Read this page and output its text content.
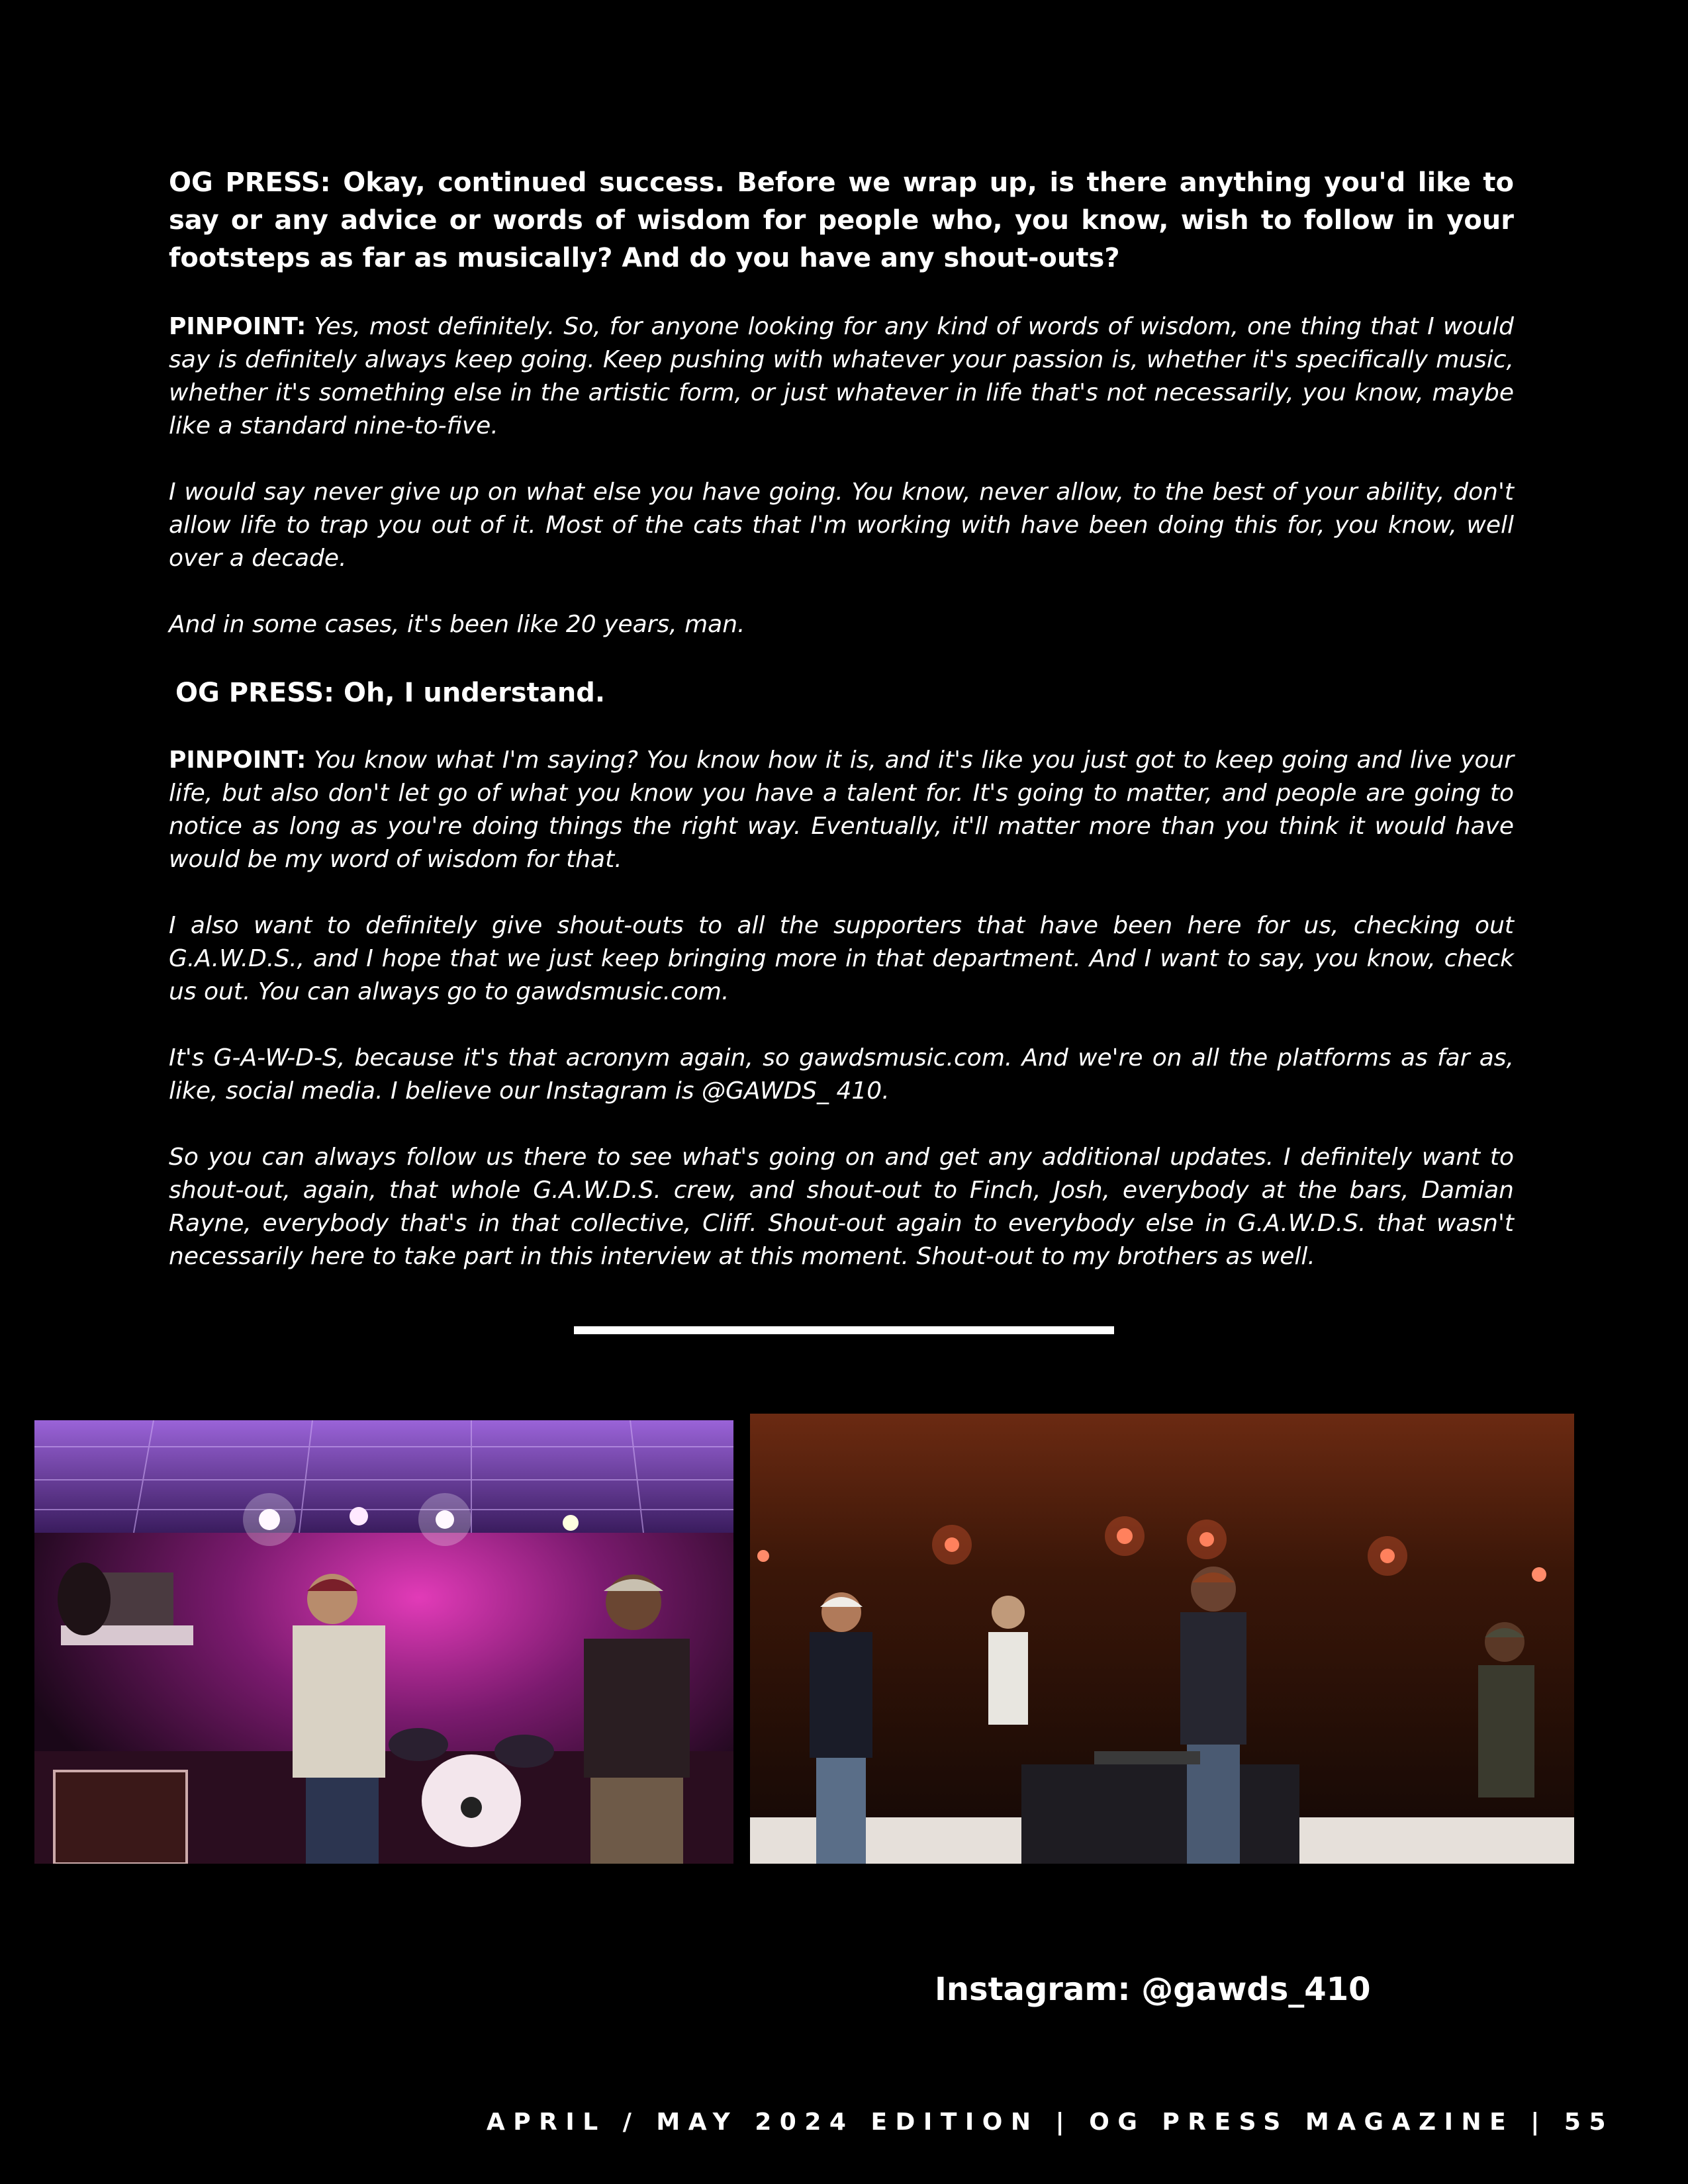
OG PRESS: Okay, continued success. Before we wrap up, is there anything you'd like to say or any advice or words of wisdom for people who, you know, wish to follow in your footsteps as far as musically? And do you have any shout-outs?

PINPOINT: Yes, most definitely. So, for anyone looking for any kind of words of wisdom, one thing that I would say is definitely always keep going. Keep pushing with whatever your passion is, whether it's specifically music, whether it's something else in the artistic form, or just whatever in life that's not necessarily, you know, maybe like a standard nine-to-five.

I would say never give up on what else you have going. You know, never allow, to the best of your ability, don't allow life to trap you out of it. Most of the cats that I'm working with have been doing this for, you know, well over a decade.

And in some cases, it's been like 20 years, man.

OG PRESS: Oh, I understand.

PINPOINT: You know what I'm saying? You know how it is, and it's like you just got to keep going and live your life, but also don't let go of what you know you have a talent for. It's going to matter, and people are going to notice as long as you're doing things the right way. Eventually, it'll matter more than you think it would have would be my word of wisdom for that.

I also want to definitely give shout-outs to all the supporters that have been here for us, checking out G.A.W.D.S., and I hope that we just keep bringing more in that department. And I want to say, you know, check us out. You can always go to gawdsmusic.com.

It's G-A-W-D-S, because it's that acronym again, so gawdsmusic.com. And we're on all the platforms as far as, like, social media. I believe our Instagram is @GAWDS_ 410.

So you can always follow us there to see what's going on and get any additional updates. I definitely want to shout-out, again, that whole G.A.W.D.S. crew, and shout-out to Finch, Josh, everybody at the bars, Damian Rayne, everybody that's in that collective, Cliff. Shout-out again to everybody else in G.A.W.D.S. that wasn't necessarily here to take part in this interview at this moment. Shout-out to my brothers as well.

Instagram: @gawds_410
APRIL / MAY 2024 EDITION | OG PRESS MAGAZINE | 55
